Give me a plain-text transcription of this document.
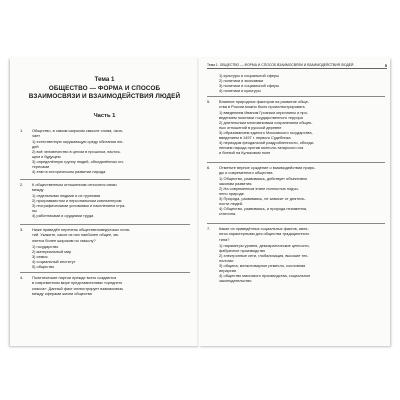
Тема 1
ОБЩЕСТВО — ФОРМА И СПОСОБ
ВЗАИМОСВЯЗИ И ВЗАИМОДЕЙСТВИЯ ЛЮДЕЙ
Часть 1
1. Общество, в самом широком смысле слова, озна-
чает
1) естественную окружающую среду обитания лю-
дей
2) всё человечество в целом в прошлом, настоя-
щем и будущем
3) определённую группу людей, объединённых ин-
тересами
4) этап в историческом развитии народа
2. К общественным отношениям относятся связи
между
1) отдельными людьми и их группами
2) программистом и персональным компьютером
3) географическими условиями и населением стра-
ны
4) работниками и орудиями труда
3. Ниже приведён перечень общественоведческих поня-
тий. Укажите, какое из них наиболее общее, яв-
ляется более широким по смыслу?
1) государство
2) материальный мир
3) семья
4) социальный институт
5) общество
4. Политические партии прежде всего создаются
в современном мире представителями «среднего
класса». Данный факт иллюстрирует взаимосвязь
между сферами жизни общества
Тема 1. ОБЩЕСТВО — ФОРМА И СПОСОБ ВЗАИМОСВЯЗИ И ВЗАИМОДЕЙСТВИЯ ЛЮДЕЙ	5
1) культуры и социальной сферы
2) политики и экономики
3) политики и социальной сферы
4) политики и культуры
5. Влияние природных факторов на развитие обще-
ства в России можно было проиллюстрировать
1) введением Иваном Грозным опричнины и про-
ведением политики государственного террора
2) длительным многовековым сохранением общин-
ных отношений в русской деревне
3) образованием единого Московского государства,
введением в 1497 г. первого Судебника
4) периодом феодальной раздробленности, объеди-
нением народа против монголо-татарского ига
и битвой на Куликовом поле
6. Отметьте верное суждение о взаимодействии приро-
ды и современного общества.
1) Общество, развиваясь, действует объективно
законам развития.
2) На современном этапе полностью подчи-
нено природе.
3) Природа, развиваясь, не зависит от деятель-
ности людей.
4) Общество, развиваясь, и природа неизменна,
статична.
7. Какие из приведённых социальных фактов, явля-
ются характерными для общества традиционного
типа?
1) параметры уровня, демократические ценности,
фабричное производство
2) электронные сети, глобализация, высокие тех-
нологии
3) община, мелкотоварное ремесло, сословная
иерархия
4) общество массового производства, социальное
законодательство
